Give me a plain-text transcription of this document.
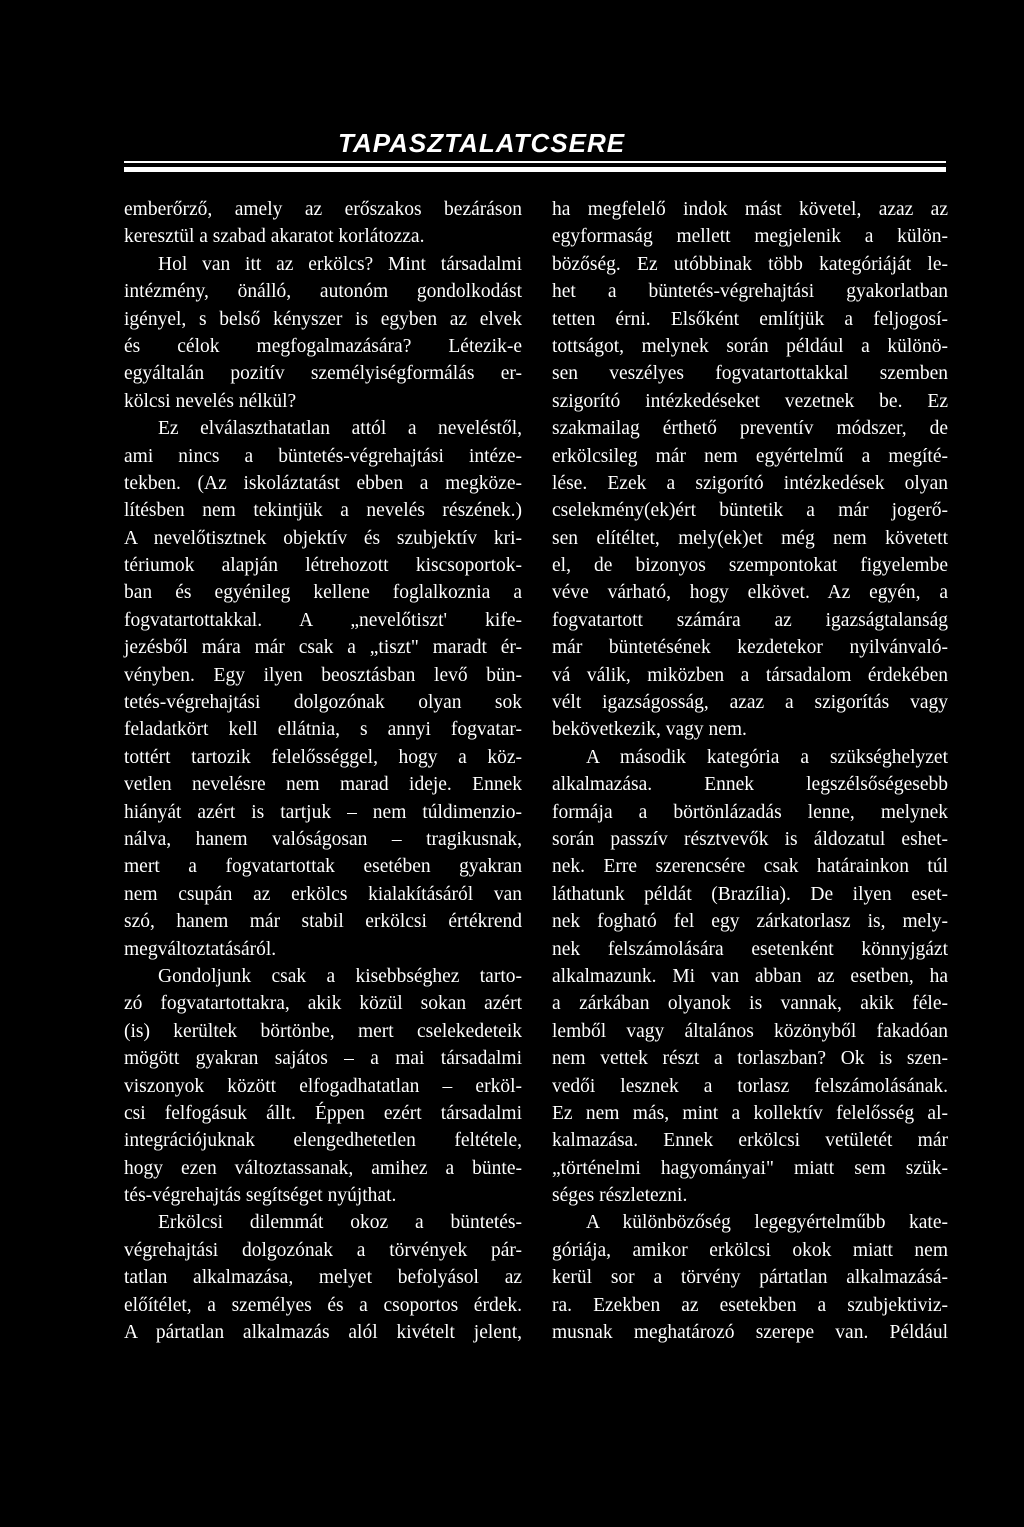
TAPASZTALATCSERE
emberőrző, amely az erőszakos bezáráson
keresztül a szabad akaratot korlátozza.
Hol van itt az erkölcs? Mint társadalmi
intézmény, önálló, autonóm gondolkodást
igényel, s belső kényszer is egyben az elvek
és célok megfogalmazására? Létezik-e
egyáltalán pozitív személyiségformálás er-
kölcsi nevelés nélkül?
Ez elválaszthatatlan attól a neveléstől,
ami nincs a büntetés-végrehajtási intéze-
tekben. (Az iskoláztatást ebben a megköze-
lítésben nem tekintjük a nevelés részének.)
A nevelőtisztnek objektív és szubjektív kri-
tériumok alapján létrehozott kiscsoportok-
ban és egyénileg kellene foglalkoznia a
fogvatartottakkal. A „nevelőtiszt' kife-
jezésből mára már csak a „tiszt" maradt ér-
vényben. Egy ilyen beosztásban levő bün-
tetés-végrehajtási dolgozónak olyan sok
feladatkört kell ellátnia, s annyi fogvatar-
tottért tartozik felelősséggel, hogy a köz-
vetlen nevelésre nem marad ideje. Ennek
hiányát azért is tartjuk – nem túldimenzio-
nálva, hanem valóságosan – tragikusnak,
mert a fogvatartottak esetében gyakran
nem csupán az erkölcs kialakításáról van
szó, hanem már stabil erkölcsi értékrend
megváltoztatásáról.
Gondoljunk csak a kisebbséghez tarto-
zó fogvatartottakra, akik közül sokan azért
(is) kerültek börtönbe, mert cselekedeteik
mögött gyakran sajátos – a mai társadalmi
viszonyok között elfogadhatatlan – erköl-
csi felfogásuk állt. Éppen ezért társadalmi
integrációjuknak elengedhetetlen feltétele,
hogy ezen változtassanak, amihez a bünte-
tés-végrehajtás segítséget nyújthat.
Erkölcsi dilemmát okoz a büntetés-
végrehajtási dolgozónak a törvények pár-
tatlan alkalmazása, melyet befolyásol az
előítélet, a személyes és a csoportos érdek.
A pártatlan alkalmazás alól kivételt jelent,
ha megfelelő indok mást követel, azaz az
egyformaság mellett megjelenik a külön-
bözőség. Ez utóbbinak több kategóriáját le-
het a büntetés-végrehajtási gyakorlatban
tetten érni. Elsőként említjük a feljogosí-
tottságot, melynek során például a különö-
sen veszélyes fogvatartottakkal szemben
szigorító intézkedéseket vezetnek be. Ez
szakmailag érthető preventív módszer, de
erkölcsileg már nem egyértelmű a megíté-
lése. Ezek a szigorító intézkedések olyan
cselekmény(ek)ért büntetik a már jogerő-
sen elítéltet, mely(ek)et még nem követett
el, de bizonyos szempontokat figyelembe
véve várható, hogy elkövet. Az egyén, a
fogvatartott számára az igazságtalanság
már büntetésének kezdetekor nyilvánvaló-
vá válik, miközben a társadalom érdekében
vélt igazságosság, azaz a szigorítás vagy
bekövetkezik, vagy nem.
A második kategória a szükséghelyzet
alkalmazása. Ennek legszélsőségesebb
formája a börtönlázadás lenne, melynek
során passzív résztvevők is áldozatul eshet-
nek. Erre szerencsére csak határainkon túl
láthatunk példát (Brazília). De ilyen eset-
nek fogható fel egy zárkatorlasz is, mely-
nek felszámolására esetenként könnyjgázt
alkalmazunk. Mi van abban az esetben, ha
a zárkában olyanok is vannak, akik féle-
lemből vagy általános közönyből fakadóan
nem vettek részt a torlaszban? Ok is szen-
vedői lesznek a torlasz felszámolásának.
Ez nem más, mint a kollektív felelősség al-
kalmazása. Ennek erkölcsi vetületét már
„történelmi hagyományai" miatt sem szük-
séges részletezni.
A különbözőség legegyértelműbb kate-
góriája, amikor erkölcsi okok miatt nem
kerül sor a törvény pártatlan alkalmazásá-
ra. Ezekben az esetekben a szubjektiviz-
musnak meghatározó szerepe van. Például
